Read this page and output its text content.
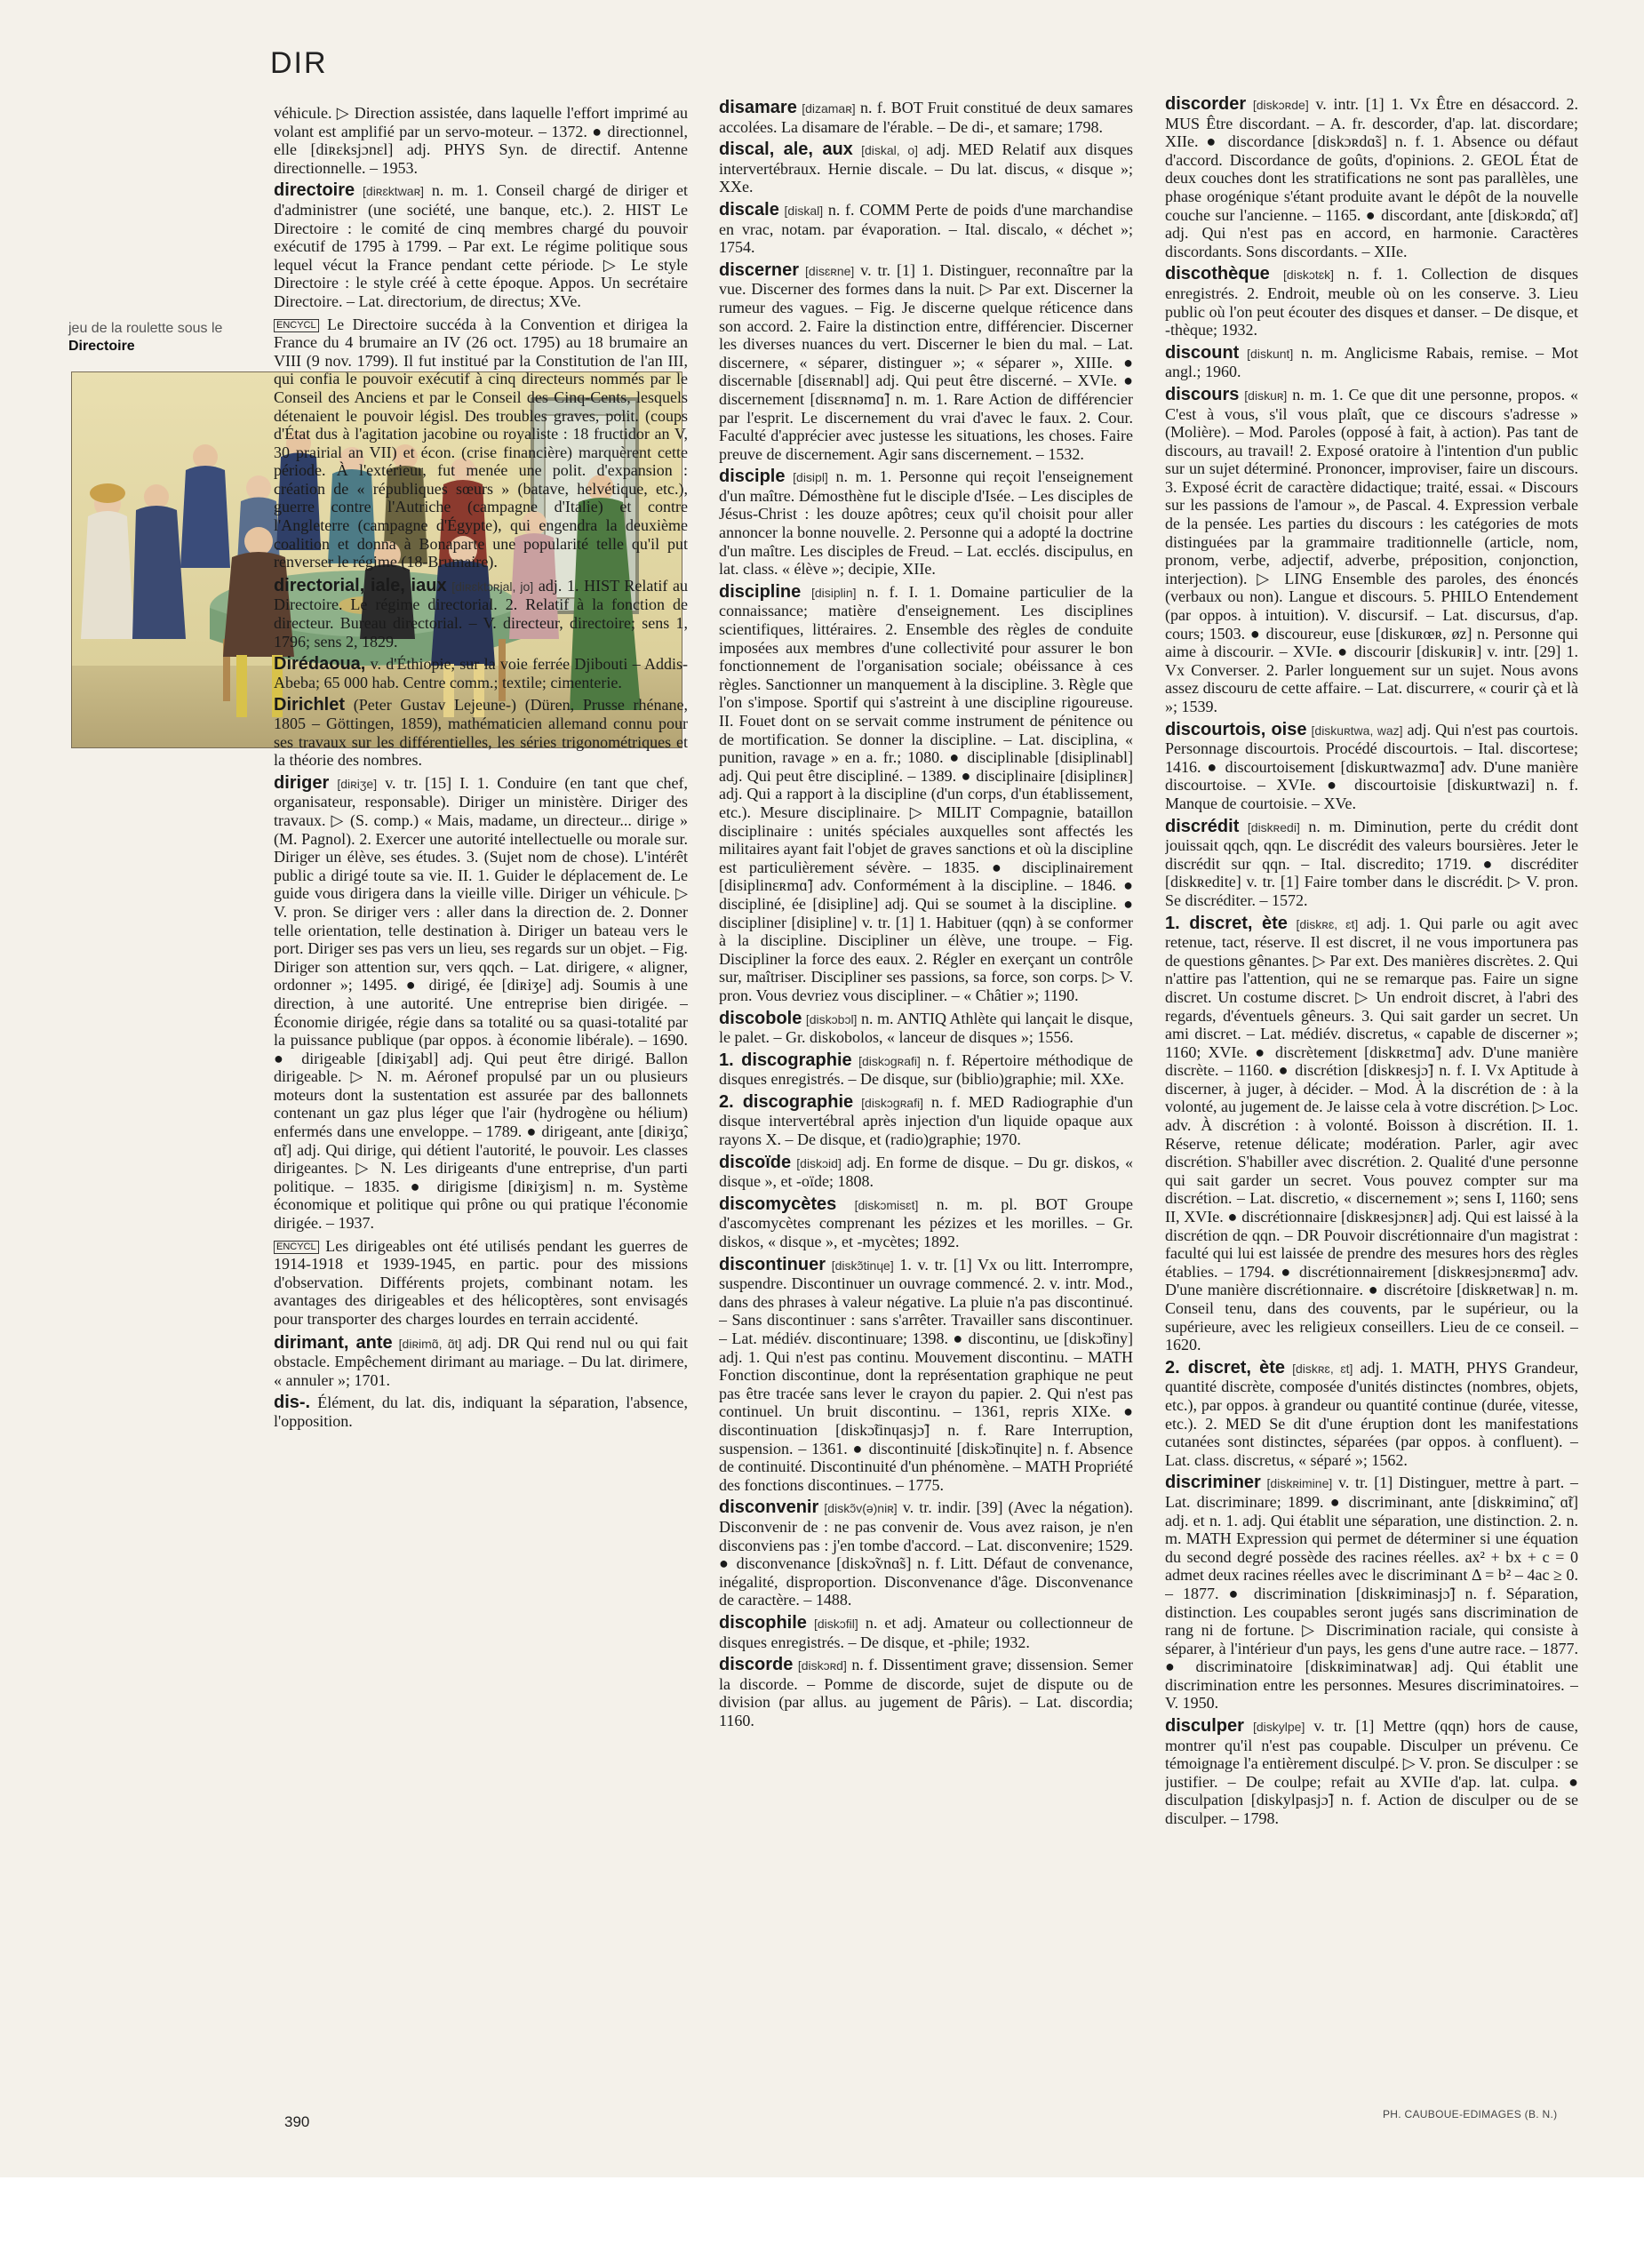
DIR
jeu de la roulette sous le Directoire
véhicule. ▷ Direction assistée, dans laquelle l'effort imprimé au volant est amplifié par un servo-moteur. – 1372. ● directionnel, elle [diʀɛksjɔnɛl] adj. PHYS Syn. de directif. Antenne directionnelle. – 1953.
directoire [diʀɛktwaʀ] n. m. 1. Conseil chargé de diriger et d'administrer (une société, une banque, etc.). 2. HIST Le Directoire : le comité de cinq membres chargé du pouvoir exécutif de 1795 à 1799. – Par ext. Le régime politique sous lequel vécut la France pendant cette période. ▷ Le style Directoire : le style créé à cette époque. Appos. Un secrétaire Directoire. – Lat. directorium, de directus; XVe.
ENCYCL Le Directoire succéda à la Convention et dirigea la France du 4 brumaire an IV (26 oct. 1795) au 18 brumaire an VIII (9 nov. 1799). Il fut institué par la Constitution de l'an III, qui confia le pouvoir exécutif à cinq directeurs nommés par le Conseil des Anciens et par le Conseil des Cinq-Cents, lesquels détenaient le pouvoir législ. Des troubles graves, polit. (coups d'État dus à l'agitation jacobine ou royaliste : 18 fructidor an V, 30 prairial an VII) et écon. (crise financière) marquèrent cette période. À l'extérieur, fut menée une polit. d'expansion : création de « républiques sœurs » (batave, helvétique, etc.), guerre contre l'Autriche (campagne d'Italie) et contre l'Angleterre (campagne d'Égypte), qui engendra la deuxième coalition et donna à Bonaparte une popularité telle qu'il put renverser le régime (18-Brumaire).
directorial, iale, iaux [diʀɛktɔʀjal, jo] adj. 1. HIST Relatif au Directoire. Le régime directorial. 2. Relatif à la fonction de directeur. Bureau directorial. – V. directeur, directoire; sens 1, 1796; sens 2, 1829.
Dirédaoua, v. d'Éthiopie, sur la voie ferrée Djibouti – Addis-Abeba; 65 000 hab. Centre comm.; textile; cimenterie.
Dirichlet (Peter Gustav Lejeune-) (Düren, Prusse rhénane, 1805 – Göttingen, 1859), mathématicien allemand connu pour ses travaux sur les différentielles, les séries trigonométriques et la théorie des nombres.
diriger [diʀiʒe] v. tr. [15] I. 1. Conduire (en tant que chef, organisateur, responsable). Diriger un ministère. Diriger des travaux. ▷ (S. comp.) « Mais, madame, un directeur... dirige » (M. Pagnol). 2. Exercer une autorité intellectuelle ou morale sur. Diriger un élève, ses études. 3. (Sujet nom de chose). L'intérêt public a dirigé toute sa vie. II. 1. Guider le déplacement de. Le guide vous dirigera dans la vieille ville. Diriger un véhicule. ▷ V. pron. Se diriger vers : aller dans la direction de. 2. Donner telle orientation, telle destination à. Diriger un bateau vers le port. Diriger ses pas vers un lieu, ses regards sur un objet. – Fig. Diriger son attention sur, vers qqch. – Lat. dirigere, « aligner, ordonner »; 1495. ● dirigé, ée [diʀiʒe] adj. Soumis à une direction, à une autorité. Une entreprise bien dirigée. – Économie dirigée, régie dans sa totalité ou sa quasi-totalité par la puissance publique (par oppos. à économie libérale). – 1690. ● dirigeable [diʀiʒabl] adj. Qui peut être dirigé. Ballon dirigeable. ▷ N. m. Aéronef propulsé par un ou plusieurs moteurs dont la sustentation est assurée par des ballonnets contenant un gaz plus léger que l'air (hydrogène ou hélium) enfermés dans une enveloppe. – 1789. ● dirigeant, ante [diʀiʒɑ̃, ɑ̃t] adj. Qui dirige, qui détient l'autorité, le pouvoir. Les classes dirigeantes. ▷ N. Les dirigeants d'une entreprise, d'un parti politique. – 1835. ● dirigisme [diʀiʒism] n. m. Système économique et politique qui prône ou qui pratique l'économie dirigée. – 1937.
ENCYCL Les dirigeables ont été utilisés pendant les guerres de 1914-1918 et 1939-1945, en partic. pour des missions d'observation. Différents projets, combinant notam. les avantages des dirigeables et des hélicoptères, sont envisagés pour transporter des charges lourdes en terrain accidenté.
dirimant, ante [diʀimɑ̃, ɑ̃t] adj. DR Qui rend nul ou qui fait obstacle. Empêchement dirimant au mariage. – Du lat. dirimere, « annuler »; 1701.
dis-. Élément, du lat. dis, indiquant la séparation, l'absence, l'opposition.
disamare [dizamaʀ] n. f. BOT Fruit constitué de deux samares accolées. La disamare de l'érable. – De di-, et samare; 1798.
discal, ale, aux [diskal, o] adj. MED Relatif aux disques intervertébraux. Hernie discale. – Du lat. discus, « disque »; XXe.
discale [diskal] n. f. COMM Perte de poids d'une marchandise en vrac, notam. par évaporation. – Ital. discalo, « déchet »; 1754.
discerner [disɛʀne] v. tr. [1] 1. Distinguer, reconnaître par la vue. Discerner des formes dans la nuit. ▷ Par ext. Discerner la rumeur des vagues. – Fig. Je discerne quelque réticence dans son accord. 2. Faire la distinction entre, différencier. Discerner les diverses nuances du vert. Discerner le bien du mal. – Lat. discernere, « séparer, distinguer »; « séparer », XIIIe. ● discernable [disɛʀnabl] adj. Qui peut être discerné. – XVIe. ● discernement [disɛʀnəmɑ̃] n. m. 1. Rare Action de différencier par l'esprit. Le discernement du vrai d'avec le faux. 2. Cour. Faculté d'apprécier avec justesse les situations, les choses. Faire preuve de discernement. Agir sans discernement. – 1532.
disciple [disipl] n. m. 1. Personne qui reçoit l'enseignement d'un maître. Démosthène fut le disciple d'Isée. – Les disciples de Jésus-Christ : les douze apôtres; ceux qu'il choisit pour aller annoncer la bonne nouvelle. 2. Personne qui a adopté la doctrine d'un maître. Les disciples de Freud. – Lat. ecclés. discipulus, en lat. class. « élève »; decipie, XIIe.
discipline [disiplin] n. f. I. 1. Domaine particulier de la connaissance; matière d'enseignement. Les disciplines scientifiques, littéraires. 2. Ensemble des règles de conduite imposées aux membres d'une collectivité pour assurer le bon fonctionnement de l'organisation sociale; obéissance à ces règles. Sanctionner un manquement à la discipline. 3. Règle que l'on s'impose. Sportif qui s'astreint à une discipline rigoureuse. II. Fouet dont on se servait comme instrument de pénitence ou de mortification. Se donner la discipline. – Lat. disciplina, « punition, ravage » en a. fr.; 1080. ● disciplinable [disiplinabl] adj. Qui peut être discipliné. – 1389. ● disciplinaire [disiplinɛʀ] adj. Qui a rapport à la discipline (d'un corps, d'un établissement, etc.). Mesure disciplinaire. ▷ MILIT Compagnie, bataillon disciplinaire : unités spéciales auxquelles sont affectés les militaires ayant fait l'objet de graves sanctions et où la discipline est particulièrement sévère. – 1835. ● disciplinairement [disiplinɛʀmɑ̃] adv. Conformément à la discipline. – 1846. ● discipliné, ée [disipline] adj. Qui se soumet à la discipline. ● discipliner [disipline] v. tr. [1] 1. Habituer (qqn) à se conformer à la discipline. Discipliner un élève, une troupe. – Fig. Discipliner la force des eaux. 2. Régler en exerçant un contrôle sur, maîtriser. Discipliner ses passions, sa force, son corps. ▷ V. pron. Vous devriez vous discipliner. – « Châtier »; 1190.
discobole [diskɔbɔl] n. m. ANTIQ Athlète qui lançait le disque, le palet. – Gr. diskobolos, « lanceur de disques »; 1556.
1. discographie [diskɔgʀafi] n. f. Répertoire méthodique de disques enregistrés. – De disque, sur (biblio)graphie; mil. XXe.
2. discographie [diskɔgʀafi] n. f. MED Radiographie d'un disque intervertébral après injection d'un liquide opaque aux rayons X. – De disque, et (radio)graphie; 1970.
discoïde [diskɔid] adj. En forme de disque. – Du gr. diskos, « disque », et -oïde; 1808.
discomycètes [diskɔmisɛt] n. m. pl. BOT Groupe d'ascomycètes comprenant les pézizes et les morilles. – Gr. diskos, « disque », et -mycètes; 1892.
discontinuer [diskɔ̃tinɥe] 1. v. tr. [1] Vx ou litt. Interrompre, suspendre. Discontinuer un ouvrage commencé. 2. v. intr. Mod., dans des phrases à valeur négative. La pluie n'a pas discontinué. – Sans discontinuer : sans s'arrêter. Travailler sans discontinuer. – Lat. médiév. discontinuare; 1398. ● discontinu, ue [diskɔ̃tiny] adj. 1. Qui n'est pas continu. Mouvement discontinu. – MATH Fonction discontinue, dont la représentation graphique ne peut pas être tracée sans lever le crayon du papier. 2. Qui n'est pas continuel. Un bruit discontinu. – 1361, repris XIXe. ● discontinuation [diskɔ̃tinɥasjɔ̃] n. f. Rare Interruption, suspension. – 1361. ● discontinuité [diskɔ̃tinɥite] n. f. Absence de continuité. Discontinuité d'un phénomène. – MATH Propriété des fonctions discontinues. – 1775.
disconvenir [diskɔ̃v(ə)niʀ] v. tr. indir. [39] (Avec la négation). Disconvenir de : ne pas convenir de. Vous avez raison, je n'en disconviens pas : j'en tombe d'accord. – Lat. disconvenire; 1529. ● disconvenance [diskɔ̃vnɑ̃s] n. f. Litt. Défaut de convenance, inégalité, disproportion. Disconvenance d'âge. Disconvenance de caractère. – 1488.
discophile [diskɔfil] n. et adj. Amateur ou collectionneur de disques enregistrés. – De disque, et -phile; 1932.
discorde [diskɔʀd] n. f. Dissentiment grave; dissension. Semer la discorde. – Pomme de discorde, sujet de dispute ou de division (par allus. au jugement de Pâris). – Lat. discordia; 1160.
discorder [diskɔʀde] v. intr. [1] 1. Vx Être en désaccord. 2. MUS Être discordant. – A. fr. descorder, d'ap. lat. discordare; XIIe. ● discordance [diskɔʀdɑ̃s] n. f. 1. Absence ou défaut d'accord. Discordance de goûts, d'opinions. 2. GEOL État de deux couches dont les stratifications ne sont pas parallèles, une phase orogénique s'étant produite avant le dépôt de la nouvelle couche sur l'ancienne. – 1165. ● discordant, ante [diskɔʀdɑ̃, ɑ̃t] adj. Qui n'est pas en accord, en harmonie. Caractères discordants. Sons discordants. – XIIe.
discothèque [diskɔtɛk] n. f. 1. Collection de disques enregistrés. 2. Endroit, meuble où on les conserve. 3. Lieu public où l'on peut écouter des disques et danser. – De disque, et -thèque; 1932.
discount [diskunt] n. m. Anglicisme Rabais, remise. – Mot angl.; 1960.
discours [diskuʀ] n. m. 1. Ce que dit une personne, propos. « C'est à vous, s'il vous plaît, que ce discours s'adresse » (Molière). – Mod. Paroles (opposé à fait, à action). Pas tant de discours, au travail! 2. Exposé oratoire à l'intention d'un public sur un sujet déterminé. Prononcer, improviser, faire un discours. 3. Exposé écrit de caractère didactique; traité, essai. « Discours sur les passions de l'amour », de Pascal. 4. Expression verbale de la pensée. Les parties du discours : les catégories de mots distinguées par la grammaire traditionnelle (article, nom, pronom, verbe, adjectif, adverbe, préposition, conjonction, interjection). ▷ LING Ensemble des paroles, des énoncés (verbaux ou non). Langue et discours. 5. PHILO Entendement (par oppos. à intuition). V. discursif. – Lat. discursus, d'ap. cours; 1503. ● discoureur, euse [diskuʀœʀ, øz] n. Personne qui aime à discourir. – XVIe. ● discourir [diskuʀiʀ] v. intr. [29] 1. Vx Converser. 2. Parler longuement sur un sujet. Nous avons assez discouru de cette affaire. – Lat. discurrere, « courir çà et là »; 1539.
discourtois, oise [diskuʀtwa, waz] adj. Qui n'est pas courtois. Personnage discourtois. Procédé discourtois. – Ital. discortese; 1416. ● discourtoisement [diskuʀtwazmɑ̃] adv. D'une manière discourtoise. – XVIe. ● discourtoisie [diskuʀtwazi] n. f. Manque de courtoisie. – XVe.
discrédit [diskʀedi] n. m. Diminution, perte du crédit dont jouissait qqch, qqn. Le discrédit des valeurs boursières. Jeter le discrédit sur qqn. – Ital. discredito; 1719. ● discréditer [diskʀedite] v. tr. [1] Faire tomber dans le discrédit. ▷ V. pron. Se discréditer. – 1572.
1. discret, ète [diskʀɛ, ɛt] adj. 1. Qui parle ou agit avec retenue, tact, réserve. Il est discret, il ne vous importunera pas de questions gênantes. ▷ Par ext. Des manières discrètes. 2. Qui n'attire pas l'attention, qui ne se remarque pas. Faire un signe discret. Un costume discret. ▷ Un endroit discret, à l'abri des regards, d'éventuels gêneurs. 3. Qui sait garder un secret. Un ami discret. – Lat. médiév. discretus, « capable de discerner »; 1160; XVIe. ● discrètement [diskʀɛtmɑ̃] adv. D'une manière discrète. – 1160. ● discrétion [diskʀesjɔ̃] n. f. I. Vx Aptitude à discerner, à juger, à décider. – Mod. À la discrétion de : à la volonté, au jugement de. Je laisse cela à votre discrétion. ▷ Loc. adv. À discrétion : à volonté. Boisson à discrétion. II. 1. Réserve, retenue délicate; modération. Parler, agir avec discrétion. S'habiller avec discrétion. 2. Qualité d'une personne qui sait garder un secret. Vous pouvez compter sur ma discrétion. – Lat. discretio, « discernement »; sens I, 1160; sens II, XVIe. ● discrétionnaire [diskʀesjɔnɛʀ] adj. Qui est laissé à la discrétion de qqn. – DR Pouvoir discrétionnaire d'un magistrat : faculté qui lui est laissée de prendre des mesures hors des règles établies. – 1794. ● discrétionnairement [diskʀesjɔnɛʀmɑ̃] adv. D'une manière discrétionnaire. ● discrétoire [diskʀetwaʀ] n. m. Conseil tenu, dans des couvents, par le supérieur, ou la supérieure, avec les religieux conseillers. Lieu de ce conseil. – 1620.
2. discret, ète [diskʀɛ, ɛt] adj. 1. MATH, PHYS Grandeur, quantité discrète, composée d'unités distinctes (nombres, objets, etc.), par oppos. à grandeur ou quantité continue (durée, vitesse, etc.). 2. MED Se dit d'une éruption dont les manifestations cutanées sont distinctes, séparées (par oppos. à confluent). – Lat. class. discretus, « séparé »; 1562.
discriminer [diskʀimine] v. tr. [1] Distinguer, mettre à part. – Lat. discriminare; 1899. ● discriminant, ante [diskʀiminɑ̃, ɑ̃t] adj. et n. 1. adj. Qui établit une séparation, une distinction. 2. n. m. MATH Expression qui permet de déterminer si une équation du second degré possède des racines réelles. ax² + bx + c = 0 admet deux racines réelles avec le discriminant Δ = b² – 4ac ≥ 0. – 1877. ● discrimination [diskʀiminasjɔ̃] n. f. Séparation, distinction. Les coupables seront jugés sans discrimination de rang ni de fortune. ▷ Discrimination raciale, qui consiste à séparer, à l'intérieur d'un pays, les gens d'une autre race. – 1877. ● discriminatoire [diskʀiminatwaʀ] adj. Qui établit une discrimination entre les personnes. Mesures discriminatoires. – V. 1950.
disculper [diskylpe] v. tr. [1] Mettre (qqn) hors de cause, montrer qu'il n'est pas coupable. Disculper un prévenu. Ce témoignage l'a entièrement disculpé. ▷ V. pron. Se disculper : se justifier. – De coulpe; refait au XVIIe d'ap. lat. culpa. ● disculpation [diskylpasjɔ̃] n. f. Action de disculper ou de se disculper. – 1798.
390	PH. CAUBOUE-EDIMAGES (B. N.)
